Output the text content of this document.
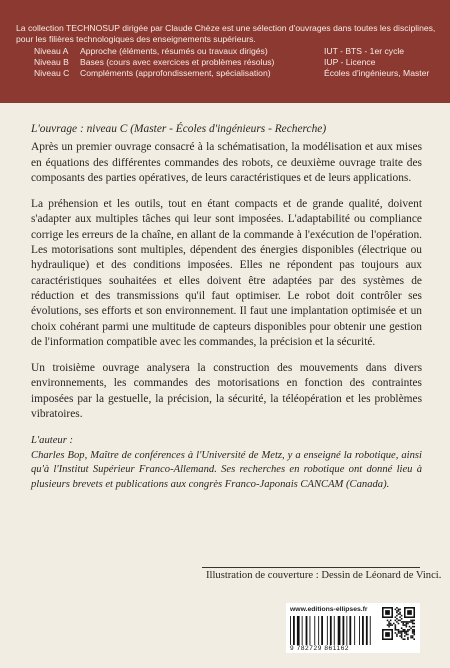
La collection TECHNOSUP dirigée par Claude Chèze est une sélection d'ouvrages dans toutes les disciplines,
pour les filières technologiques des enseignements supérieurs.
Niveau A Approche (éléments, résumés ou travaux dirigés)	IUT - BTS - 1er cycle
Niveau B Bases (cours avec exercices et problèmes résolus)	IUP - Licence
Niveau C Compléments (approfondissement, spécialisation)	Écoles d'ingénieurs, Master

L'ouvrage : niveau C (Master - Écoles d'ingénieurs - Recherche)

Après un premier ouvrage consacré à la schématisation, la modélisation et aux mises en équations des différentes commandes des robots, ce deuxième ouvrage traite des composants des parties opératives, de leurs caractéristiques et de leurs applications.

La préhension et les outils, tout en étant compacts et de grande qualité, doivent s'adapter aux multiples tâches qui leur sont imposées. L'adaptabilité ou compliance corrige les erreurs de la chaîne, en allant de la commande à l'exécution de l'opération. Les motorisations sont multiples, dépendent des énergies disponibles (électrique ou hydraulique) et des conditions imposées. Elles ne répondent pas toujours aux caractéristiques souhaitées et elles doivent être adaptées par des systèmes de réduction et des transmissions qu'il faut optimiser. Le robot doit contrôler ses évolutions, ses efforts et son environnement. Il faut une implantation optimisée et un choix cohérant parmi une multitude de capteurs disponibles pour obtenir une gestion de l'information compatible avec les commandes, la précision et la sécurité.

Un troisième ouvrage analysera la construction des mouvements dans divers environnements, les commandes des motorisations en fonction des contraintes imposées par la gestuelle, la précision, la sécurité, la téléopération et les problèmes vibratoires.

L'auteur :

Charles Bop, Maître de conférences à l'Université de Metz, y a enseigné la robotique, ainsi qu'à l'Institut Supérieur Franco-Allemand. Ses recherches en robotique ont donné lieu à plusieurs brevets et publications aux congrès Franco-Japonais CANCAM (Canada).

Illustration de couverture : Dessin de Léonard de Vinci.
www.editions-ellipses.fr
9 782729 861162
